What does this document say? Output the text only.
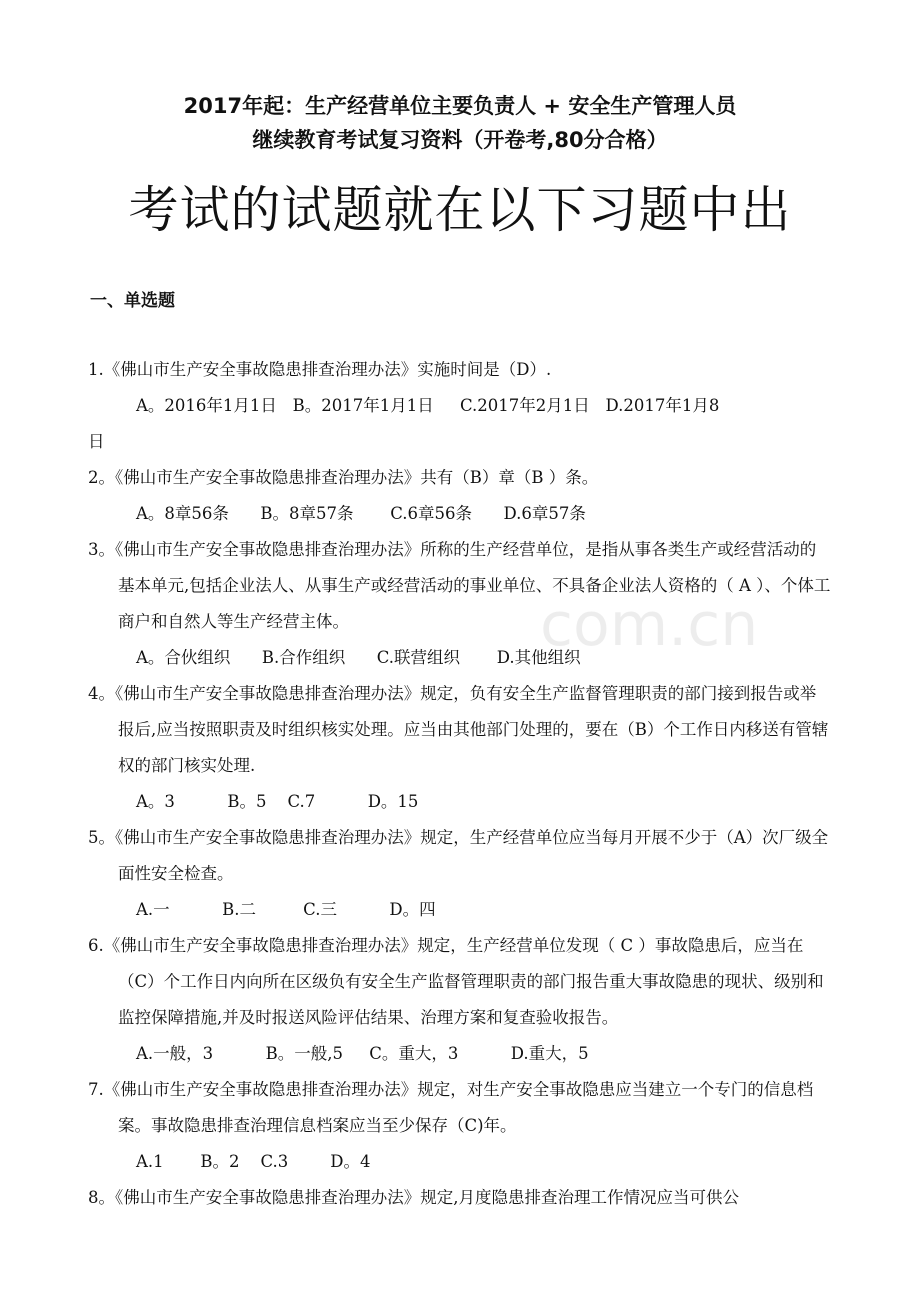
2017年起：生产经营单位主要负责人 + 安全生产管理人员
继续教育考试复习资料（开卷考,80分合格）
考试的试题就在以下习题中出
一、单选题
com.cn
1.《佛山市生产安全事故隐患排查治理办法》实施时间是（D）.
A。2016年1月1日   B。2017年1月1日     C.2017年2月1日   D.2017年1月8
日
2。《佛山市生产安全事故隐患排查治理办法》共有（B）章（B ）条。
A。8章56条      B。8章57条       C.6章56条      D.6章57条
3。《佛山市生产安全事故隐患排查治理办法》所称的生产经营单位，是指从事各类生产或经营活动的基本单元,包括企业法人、从事生产或经营活动的事业单位、不具备企业法人资格的（ A ）、个体工商户和自然人等生产经营主体。
A。合伙组织      B.合作组织      C.联营组织       D.其他组织
4。《佛山市生产安全事故隐患排查治理办法》规定，负有安全生产监督管理职责的部门接到报告或举报后,应当按照职责及时组织核实处理。应当由其他部门处理的，要在（B）个工作日内移送有管辖权的部门核实处理.
A。3          B。5    C.7          D。15
5。《佛山市生产安全事故隐患排查治理办法》规定，生产经营单位应当每月开展不少于（A）次厂级全面性安全检查。
A.一          B.二         C.三          D。四
6.《佛山市生产安全事故隐患排查治理办法》规定，生产经营单位发现（ C ）事故隐患后，应当在（C）个工作日内向所在区级负有安全生产监督管理职责的部门报告重大事故隐患的现状、级别和监控保障措施,并及时报送风险评估结果、治理方案和复查验收报告。
A.一般，3          B。一般,5     C。重大，3          D.重大，5
7.《佛山市生产安全事故隐患排查治理办法》规定，对生产安全事故隐患应当建立一个专门的信息档案。事故隐患排查治理信息档案应当至少保存（C)年。
A.1       B。2    C.3        D。4
8。《佛山市生产安全事故隐患排查治理办法》规定,月度隐患排查治理工作情况应当可供公
